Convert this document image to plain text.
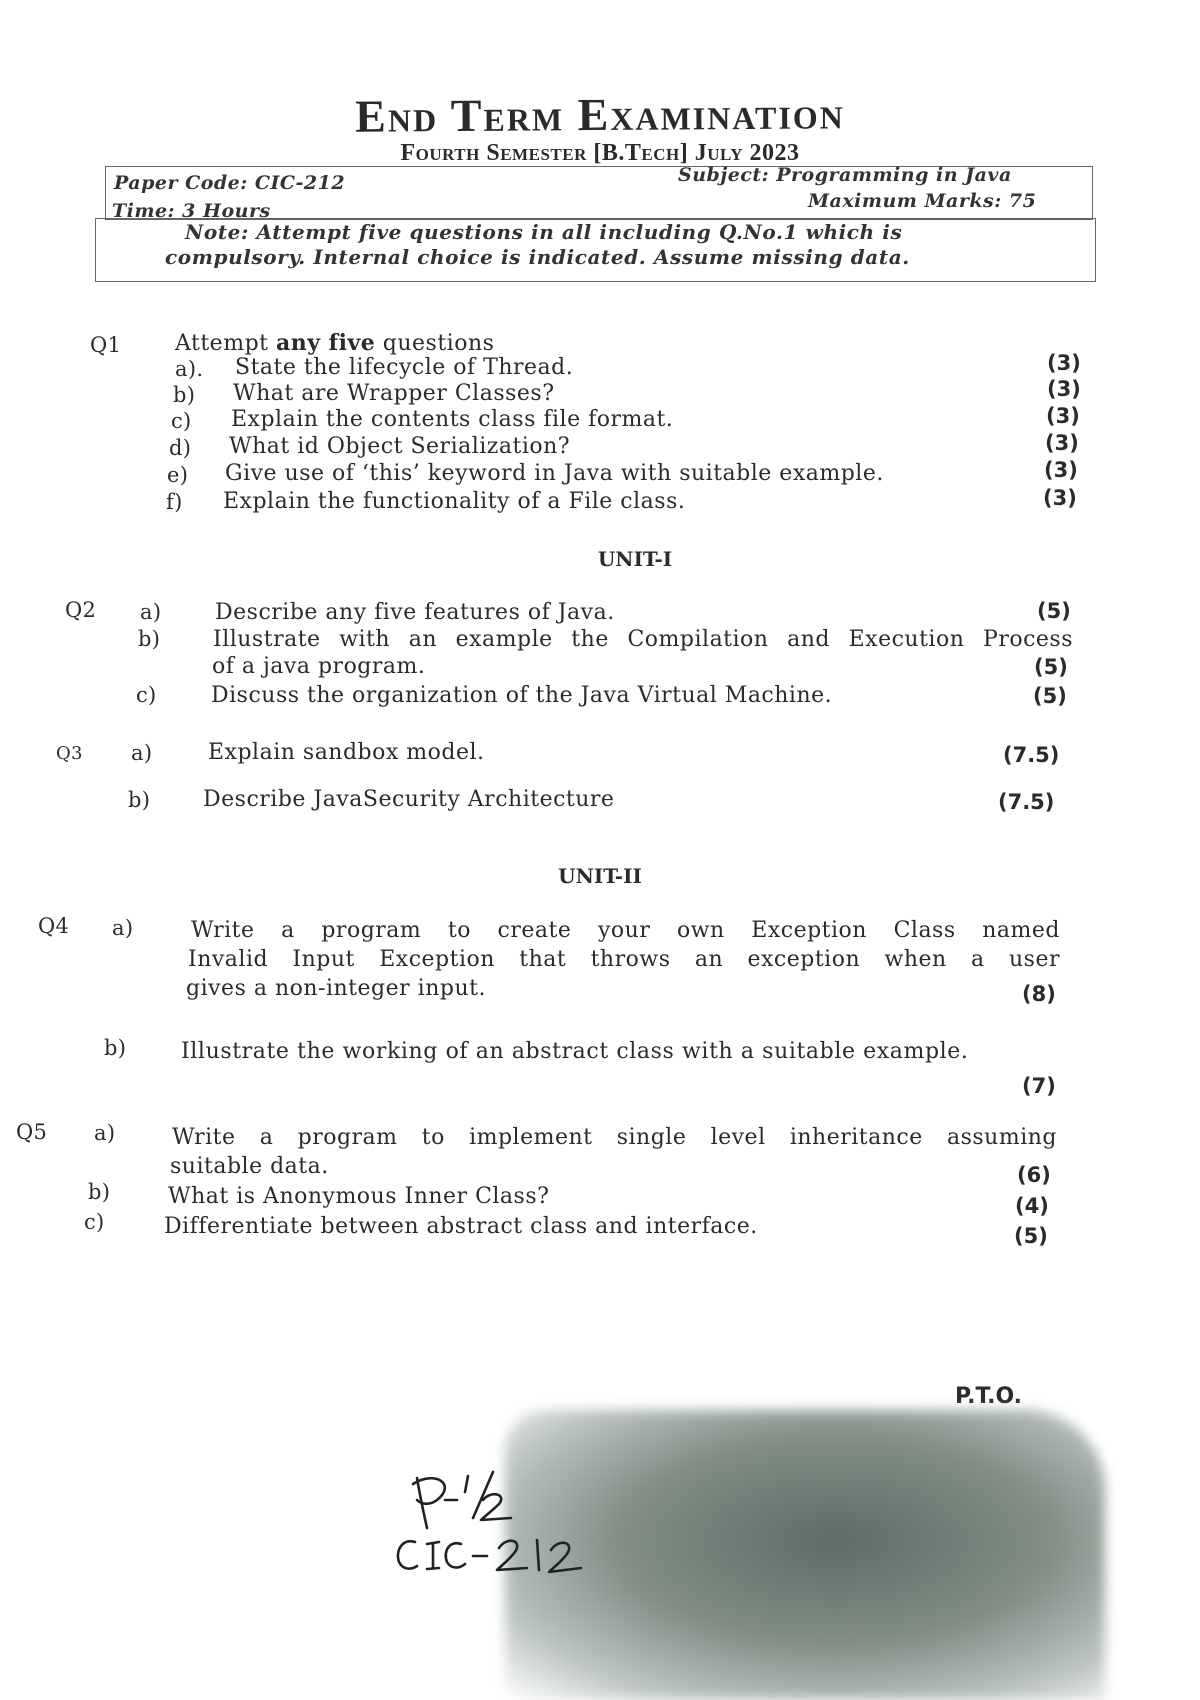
End Term Examination
Fourth Semester [B.Tech] July 2023
Paper Code: CIC-212	Subject: Programming in Java
Time: 3 Hours	Maximum Marks: 75
Note: Attempt five questions in all including Q.No.1 which is
compulsory. Internal choice is indicated. Assume missing data.
Q1 Attempt any five questions
a). State the lifecycle of Thread.	(3)
b) What are Wrapper Classes?	(3)
c) Explain the contents class file format.	(3)
d) What id Object Serialization?	(3)
e) Give use of ‘this’ keyword in Java with suitable example.	(3)
f) Explain the functionality of a File class.	(3)
UNIT-I
Q2 a) Describe any five features of Java.	(5)
b) Illustrate with an example the Compilation and Execution Process
of a java program.	(5)
c) Discuss the organization of the Java Virtual Machine.	(5)
Q3 a)	Explain sandbox model.	(7.5)
b) Describe JavaSecurity Architecture	(7.5)
UNIT-II
Q4 a)	Write a program to create your own Exception Class named
Invalid Input Exception that throws an exception when a user
gives a non-integer input.	(8)
b) Illustrate the working of an abstract class with a suitable example.
(7)
Q5 a)	Write a program to implement single level inheritance assuming
suitable data.	(6)
b)	What is Anonymous Inner Class?	(4)
c)	Differentiate between abstract class and interface.	(5)
P.T.O.
